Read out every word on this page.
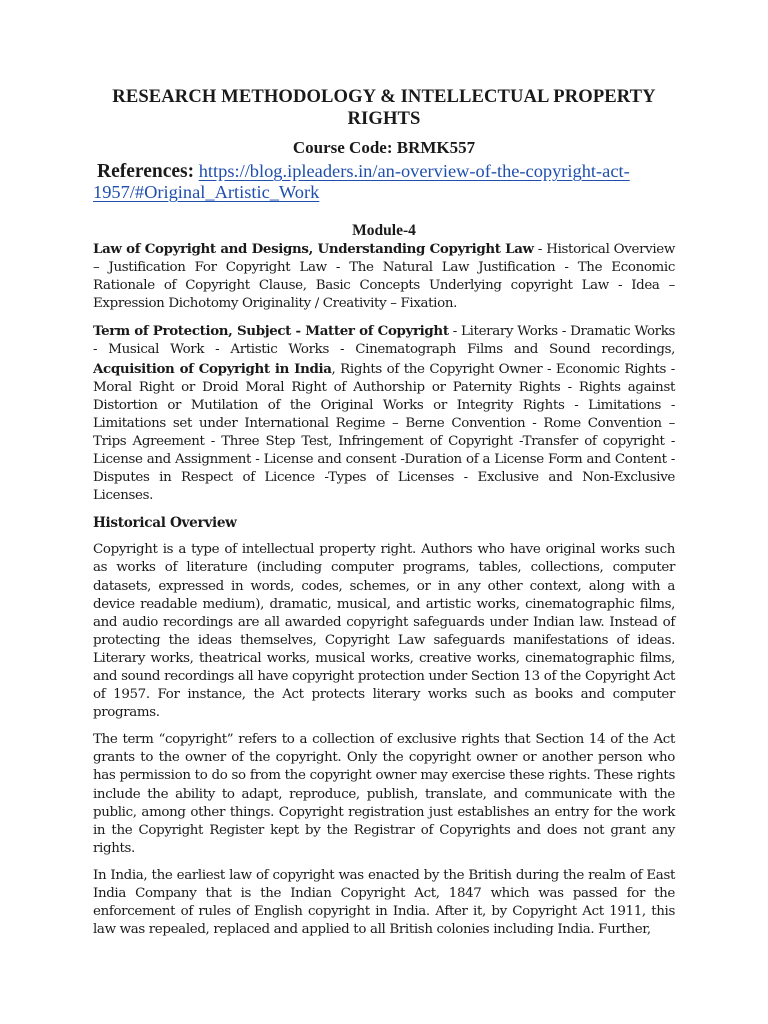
RESEARCH METHODOLOGY & INTELLECTUAL PROPERTY RIGHTS
Course Code: BRMK557
References: https://blog.ipleaders.in/an-overview-of-the-copyright-act-1957/#Original_Artistic_Work
Module-4

Law of Copyright and Designs, Understanding Copyright Law - Historical Overview – Justification For Copyright Law - The Natural Law Justification - The Economic Rationale of Copyright Clause, Basic Concepts Underlying copyright Law - Idea – Expression Dichotomy Originality / Creativity – Fixation.

Term of Protection, Subject - Matter of Copyright - Literary Works - Dramatic Works - Musical Work - Artistic Works - Cinematograph Films and Sound recordings, Acquisition of Copyright in India, Rights of the Copyright Owner - Economic Rights - Moral Right or Droid Moral Right of Authorship or Paternity Rights - Rights against Distortion or Mutilation of the Original Works or Integrity Rights - Limitations - Limitations set under International Regime – Berne Convention - Rome Convention – Trips Agreement - Three Step Test, Infringement of Copyright -Transfer of copyright - License and Assignment - License and consent -Duration of a License Form and Content - Disputes in Respect of Licence -Types of Licenses - Exclusive and Non-Exclusive Licenses.

Historical Overview

Copyright is a type of intellectual property right. Authors who have original works such as works of literature (including computer programs, tables, collections, computer datasets, expressed in words, codes, schemes, or in any other context, along with a device readable medium), dramatic, musical, and artistic works, cinematographic films, and audio recordings are all awarded copyright safeguards under Indian law. Instead of protecting the ideas themselves, Copyright Law safeguards manifestations of ideas. Literary works, theatrical works, musical works, creative works, cinematographic films, and sound recordings all have copyright protection under Section 13 of the Copyright Act of 1957. For instance, the Act protects literary works such as books and computer programs.

The term “copyright” refers to a collection of exclusive rights that Section 14 of the Act grants to the owner of the copyright. Only the copyright owner or another person who has permission to do so from the copyright owner may exercise these rights. These rights include the ability to adapt, reproduce, publish, translate, and communicate with the public, among other things. Copyright registration just establishes an entry for the work in the Copyright Register kept by the Registrar of Copyrights and does not grant any rights.

In India, the earliest law of copyright was enacted by the British during the realm of East India Company that is the Indian Copyright Act, 1847 which was passed for the enforcement of rules of English copyright in India. After it, by Copyright Act 1911, this law was repealed, replaced and applied to all British colonies including India. Further,
